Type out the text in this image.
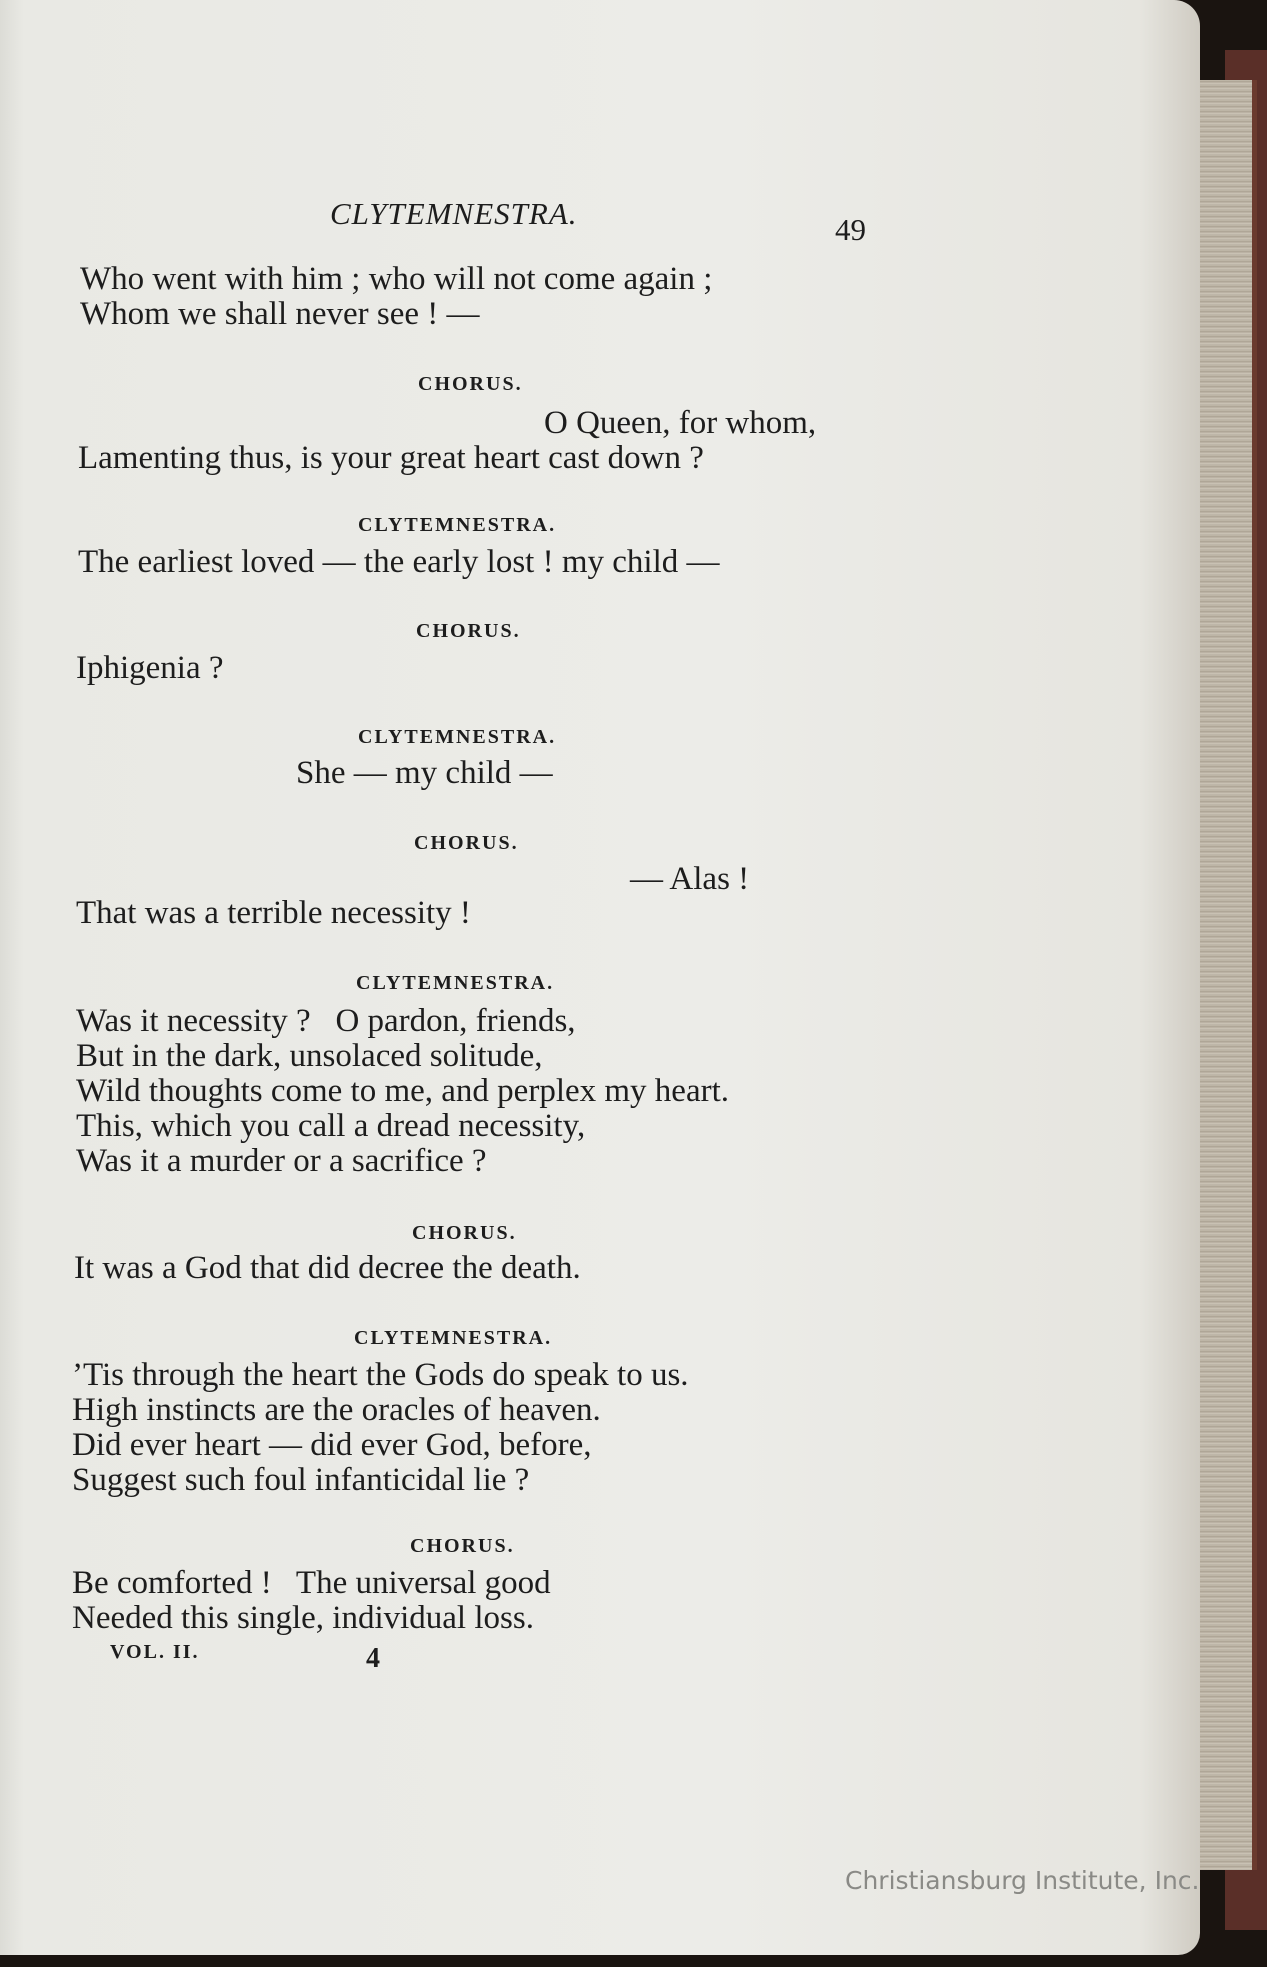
CLYTEMNESTRA.	49
Who went with him ; who will not come again ;
Whom we shall never see ! —
CHORUS.
O Queen, for whom,
Lamenting thus, is your great heart cast down ?
CLYTEMNESTRA.
The earliest loved — the early lost ! my child —
CHORUS.
Iphigenia ?
CLYTEMNESTRA.
She — my child —
CHORUS.
— Alas !
That was a terrible necessity !
CLYTEMNESTRA.
Was it necessity ?   O pardon, friends,
But in the dark, unsolaced solitude,
Wild thoughts come to me, and perplex my heart.
This, which you call a dread necessity,
Was it a murder or a sacrifice ?
CHORUS.
It was a God that did decree the death.
CLYTEMNESTRA.
’Tis through the heart the Gods do speak to us.
High instincts are the oracles of heaven.
Did ever heart — did ever God, before,
Suggest such foul infanticidal lie ?
CHORUS.
Be comforted !   The universal good
Needed this single, individual loss.
VOL. II.	4
Christiansburg Institute, Inc.
